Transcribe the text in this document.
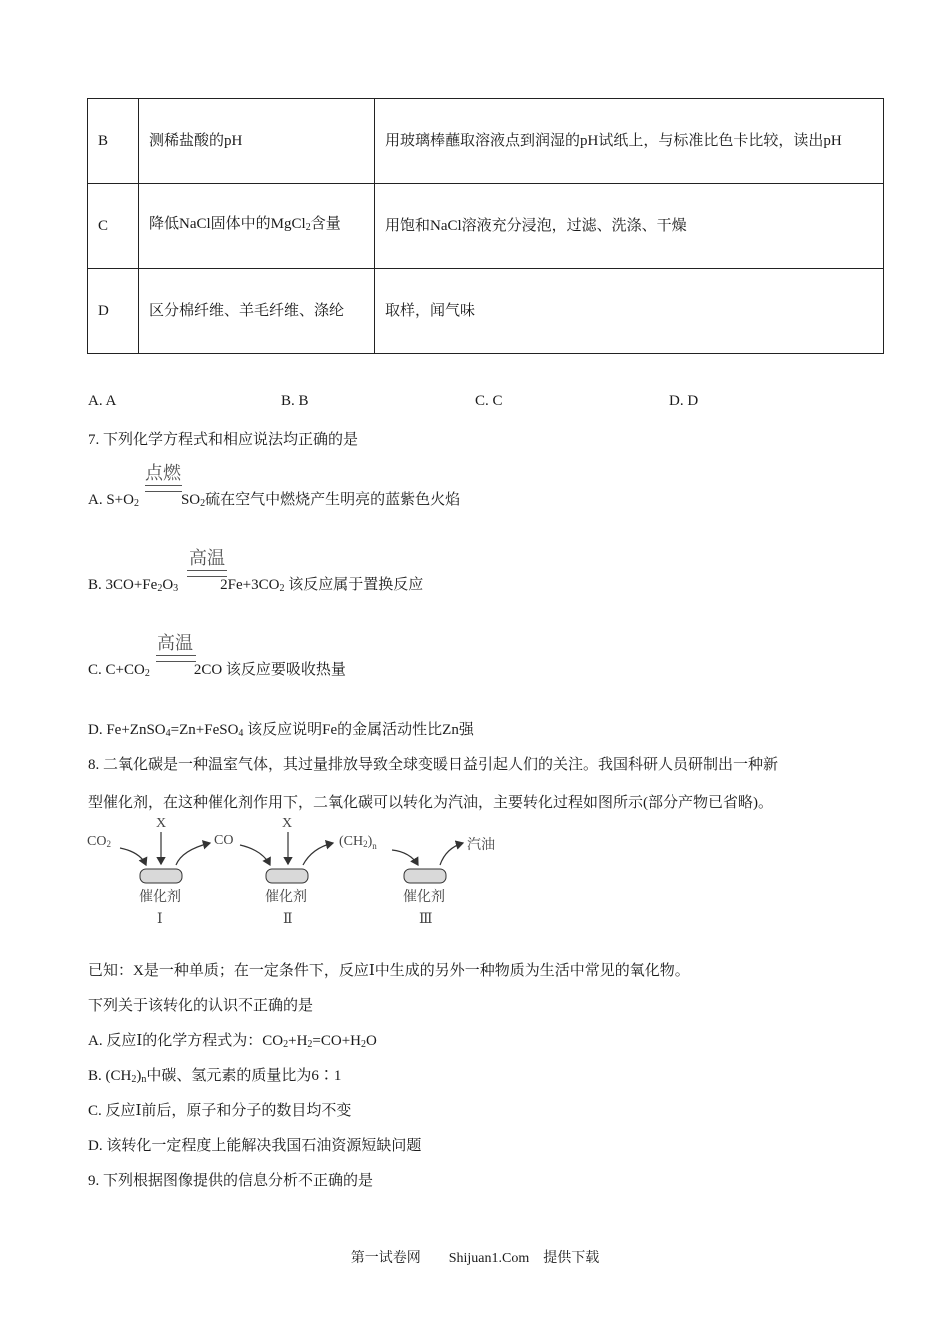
B	测稀盐酸的pH	用玻璃棒蘸取溶液点到润湿的pH试纸上，与标准比色卡比较，读出pH
C	降低NaCl固体中的MgCl$_2$含量	用饱和NaCl溶液充分浸泡，过滤、洗涤、干燥
D	区分棉纤维、羊毛纤维、涤纶	取样，闻气味
A. A	B. B	C. C	D. D
7. 下列化学方程式和相应说法均正确的是
点燃
A. $S+O_2$	$SO_2$硫在空气中燃烧产生明亮的蓝紫色火焰
高温
B. $3CO+Fe_2O_3$	$2Fe+3CO_2$ 该反应属于置换反应
高温
C. $C+CO_2$	2CO 该反应要吸收热量
D. Fe+ZnSO$_4$=Zn+FeSO$_4$ 该反应说明Fe的金属活动性比Zn强
8. 二氧化碳是一种温室气体，其过量排放导致全球变暖日益引起人们的关注。我国科研人员研制出一种新
型催化剂，在这种催化剂作用下，二氧化碳可以转化为汽油，主要转化过程如图所示(部分产物已省略)。
CO2
X
CO
X
$(CH2)_n$	汽油
催化剂	催化剂	催化剂
Ⅰ	Ⅱ	Ⅲ
已知：X是一种单质；在一定条件下，反应Ⅰ中生成的另外一种物质为生活中常见的氧化物。
下列关于该转化的认识不正确的是
A. 反应Ⅰ的化学方程式为：$CO_2+H_2=CO+H_2O$
B. $(CH_2)_n$中碳、氢元素的质量比为6∶1
C. 反应Ⅰ前后，原子和分子的数目均不变
D. 该转化一定程度上能解决我国石油资源短缺问题
9. 下列根据图像提供的信息分析不正确的是
第一试卷网　　Shijuan1.Com　提供下载
